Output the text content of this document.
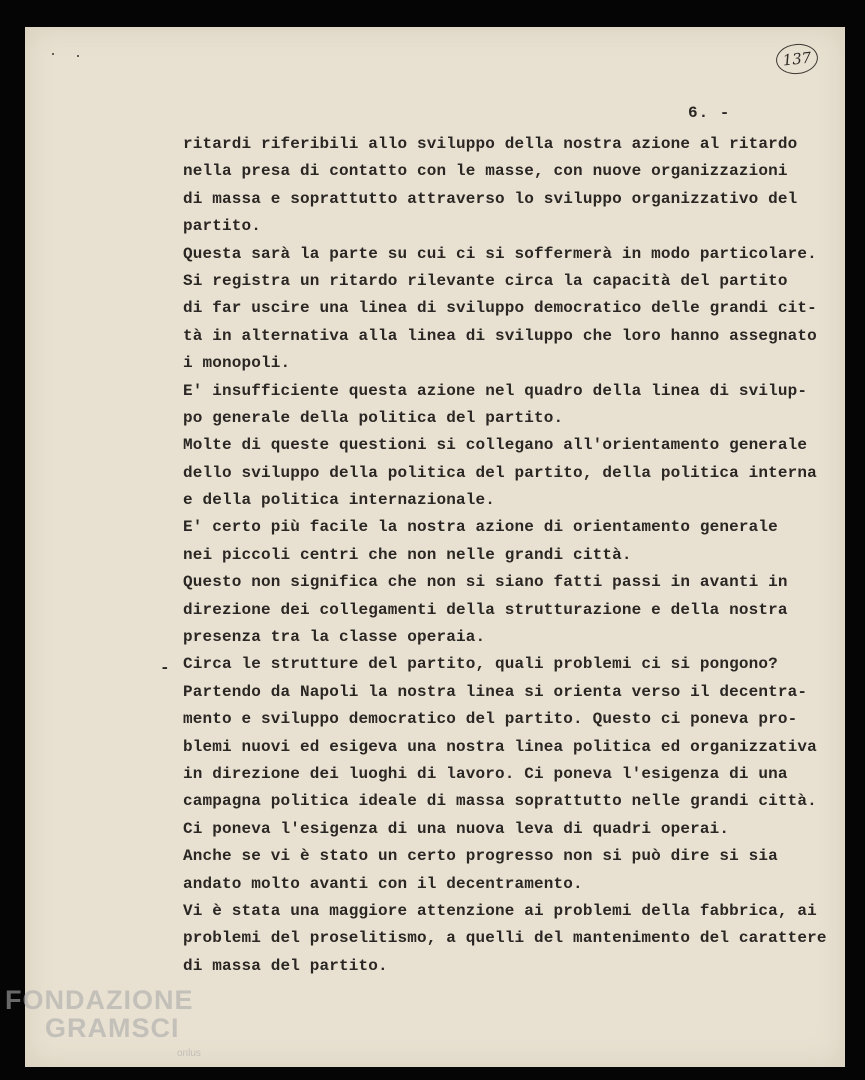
137
6. -
-
ritardi riferibili allo sviluppo della nostra azione al ritardo
nella presa di contatto con le masse, con nuove organizzazioni
di massa e soprattutto attraverso lo sviluppo organizzativo del
partito.
Questa sarà la parte su cui ci si soffermerà in modo particolare.
Si registra un ritardo rilevante circa la capacità del partito
di far uscire una linea di sviluppo democratico delle grandi cit-
tà in alternativa alla linea di sviluppo che loro hanno assegnato
i monopoli.
E' insufficiente questa azione nel quadro della linea di svilup-
po generale della politica del partito.
Molte di queste questioni si collegano all'orientamento generale
dello sviluppo della politica del partito, della politica interna
e della politica internazionale.
E' certo più facile la nostra azione di orientamento generale
nei piccoli centri che non nelle grandi città.
Questo non significa che non si siano fatti passi in avanti in
direzione dei collegamenti della strutturazione e della nostra
presenza tra la classe operaia.
Circa le strutture del partito, quali problemi ci si pongono?
Partendo da Napoli la nostra linea si orienta verso il decentra-
mento e sviluppo democratico del partito. Questo ci poneva pro-
blemi nuovi ed esigeva una nostra linea politica ed organizzativa
in direzione dei luoghi di lavoro. Ci poneva l'esigenza di una
campagna politica ideale di massa soprattutto nelle grandi città.
Ci poneva l'esigenza di una nuova leva di quadri operai.
Anche se vi è stato un certo progresso non si può dire si sia
andato molto avanti con il decentramento.
Vi è stata una maggiore attenzione ai problemi della fabbrica, ai
problemi del proselitismo, a quelli del mantenimento del carattere
di massa del partito.
FONDAZIONE
GRAMSCI
onlus
